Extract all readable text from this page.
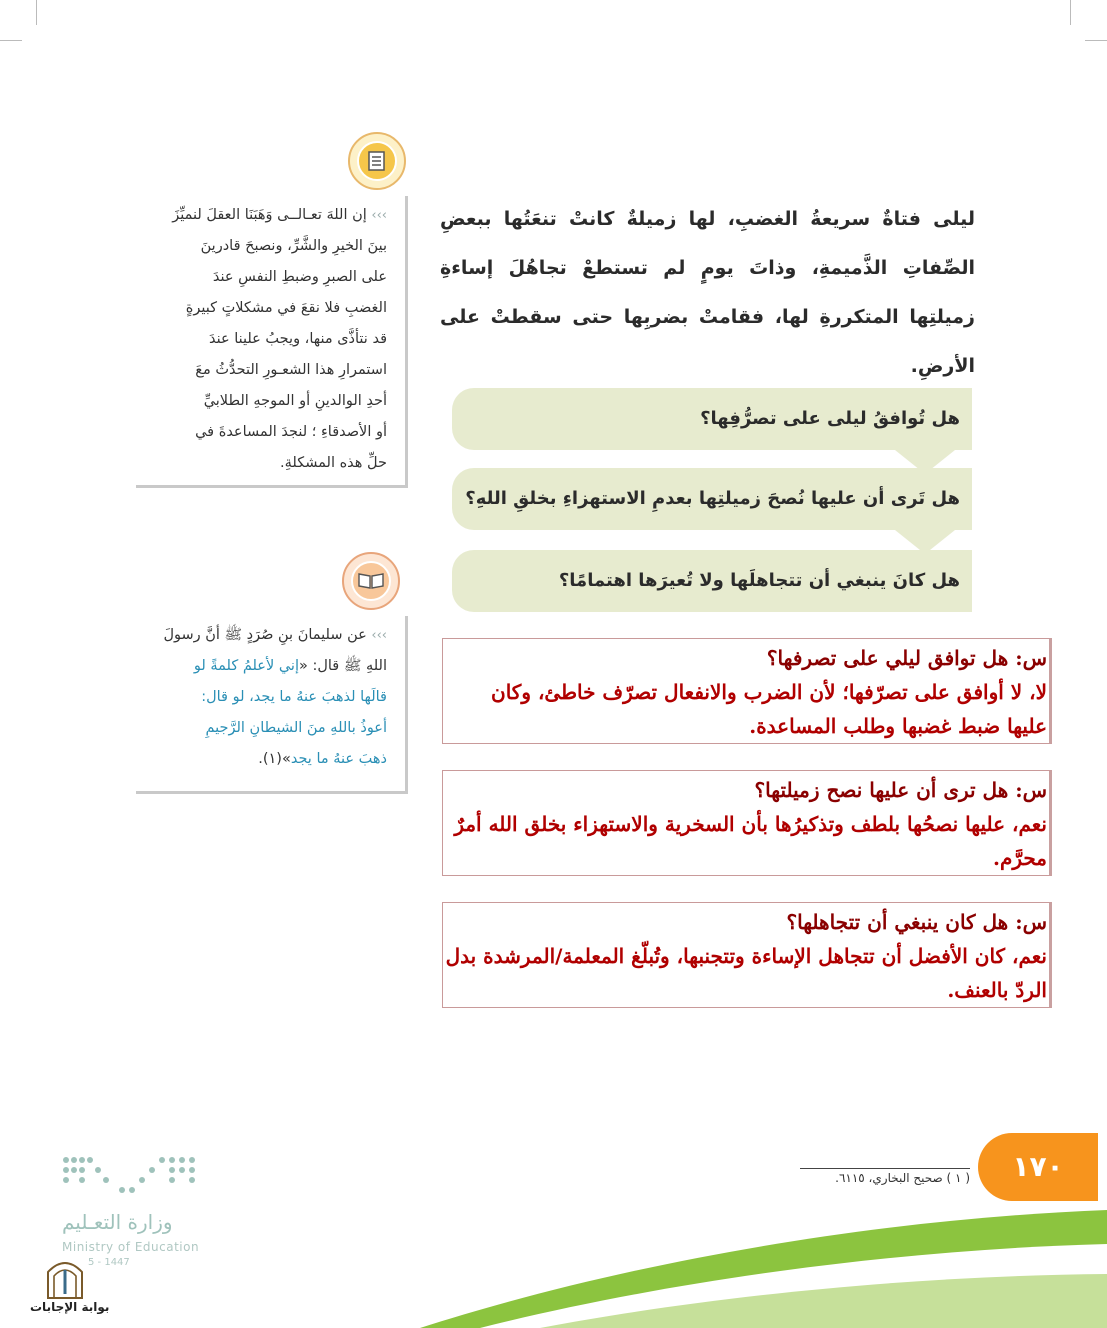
ليلى فتاةٌ سريعةُ الغضبِ، لها زميلةٌ كانتْ تنعَتُها ببعضِ الصِّفاتِ الذَّميمةِ، وذاتَ يومٍ لم تستطعْ تجاهُلَ إساءةِ زميلتِها المتكررةِ لها، فقامتْ بضربِها حتى سقطتْ على الأرضِ.
هل تُوافقُ ليلى على تصرُّفِها؟
هل تَرى أن عليها نُصحَ زميلتِها بعدمِ الاستهزاءِ بخلقِ اللهِ؟
هل كانَ ينبغي أن تتجاهلَها ولا تُعيرَها اهتمامًا؟
س: هل توافق ليلي على تصرفها؟
لا، لا أوافق على تصرّفها؛ لأن الضرب والانفعال تصرّف خاطئ، وكان
عليها ضبط غضبها وطلب المساعدة.
س: هل ترى أن عليها نصح زميلتها؟
نعم، عليها نصحُها بلطف وتذكيرُها بأن السخرية والاستهزاء بخلق الله أمرٌ
محرَّم.
س: هل كان ينبغي أن تتجاهلها؟
نعم، كان الأفضل أن تتجاهل الإساءة وتتجنبها، وتُبلّغ المعلمة/المرشدة بدل
الردّ بالعنف.
››› إن اللهَ تعـالــى وَهَبَنَا العقلَ لنميِّزَ
بينَ الخيرِ والشَّرِّ، ونصبحَ قادرينَ
على الصبرِ وضبطِ النفسِ عندَ
الغضبِ فلا نقعَ في مشكلاتٍ كبيرةٍ
قد نتأذَّى منها، ويجبُ علينا عندَ
استمرارِ هذا الشعـورِ التحدُّثُ معَ
أحدِ الوالدينِ أو الموجهِ الطلابيِّ
أو الأصدقاءِ ؛ لنجدَ المساعدةَ في
حلِّ هذه المشكلةِ.
››› عن سليمانَ بنِ صُرَدٍ ﷺ أنَّ رسولَ
اللهِ ﷺ قال: «إني لأعلمُ كلمةً لو
قالَها لذهبَ عنهُ ما يجد، لو قال:
أعوذُ باللهِ منَ الشيطانِ الرَّجيمِ
ذهبَ عنهُ ما يجد»(١).
١٧٠
( ١ ) صحيح البخاري، ٦١١٥.
وزارة التعـليم
Ministry of Education
5 - 1447
بوابة الإجابات
